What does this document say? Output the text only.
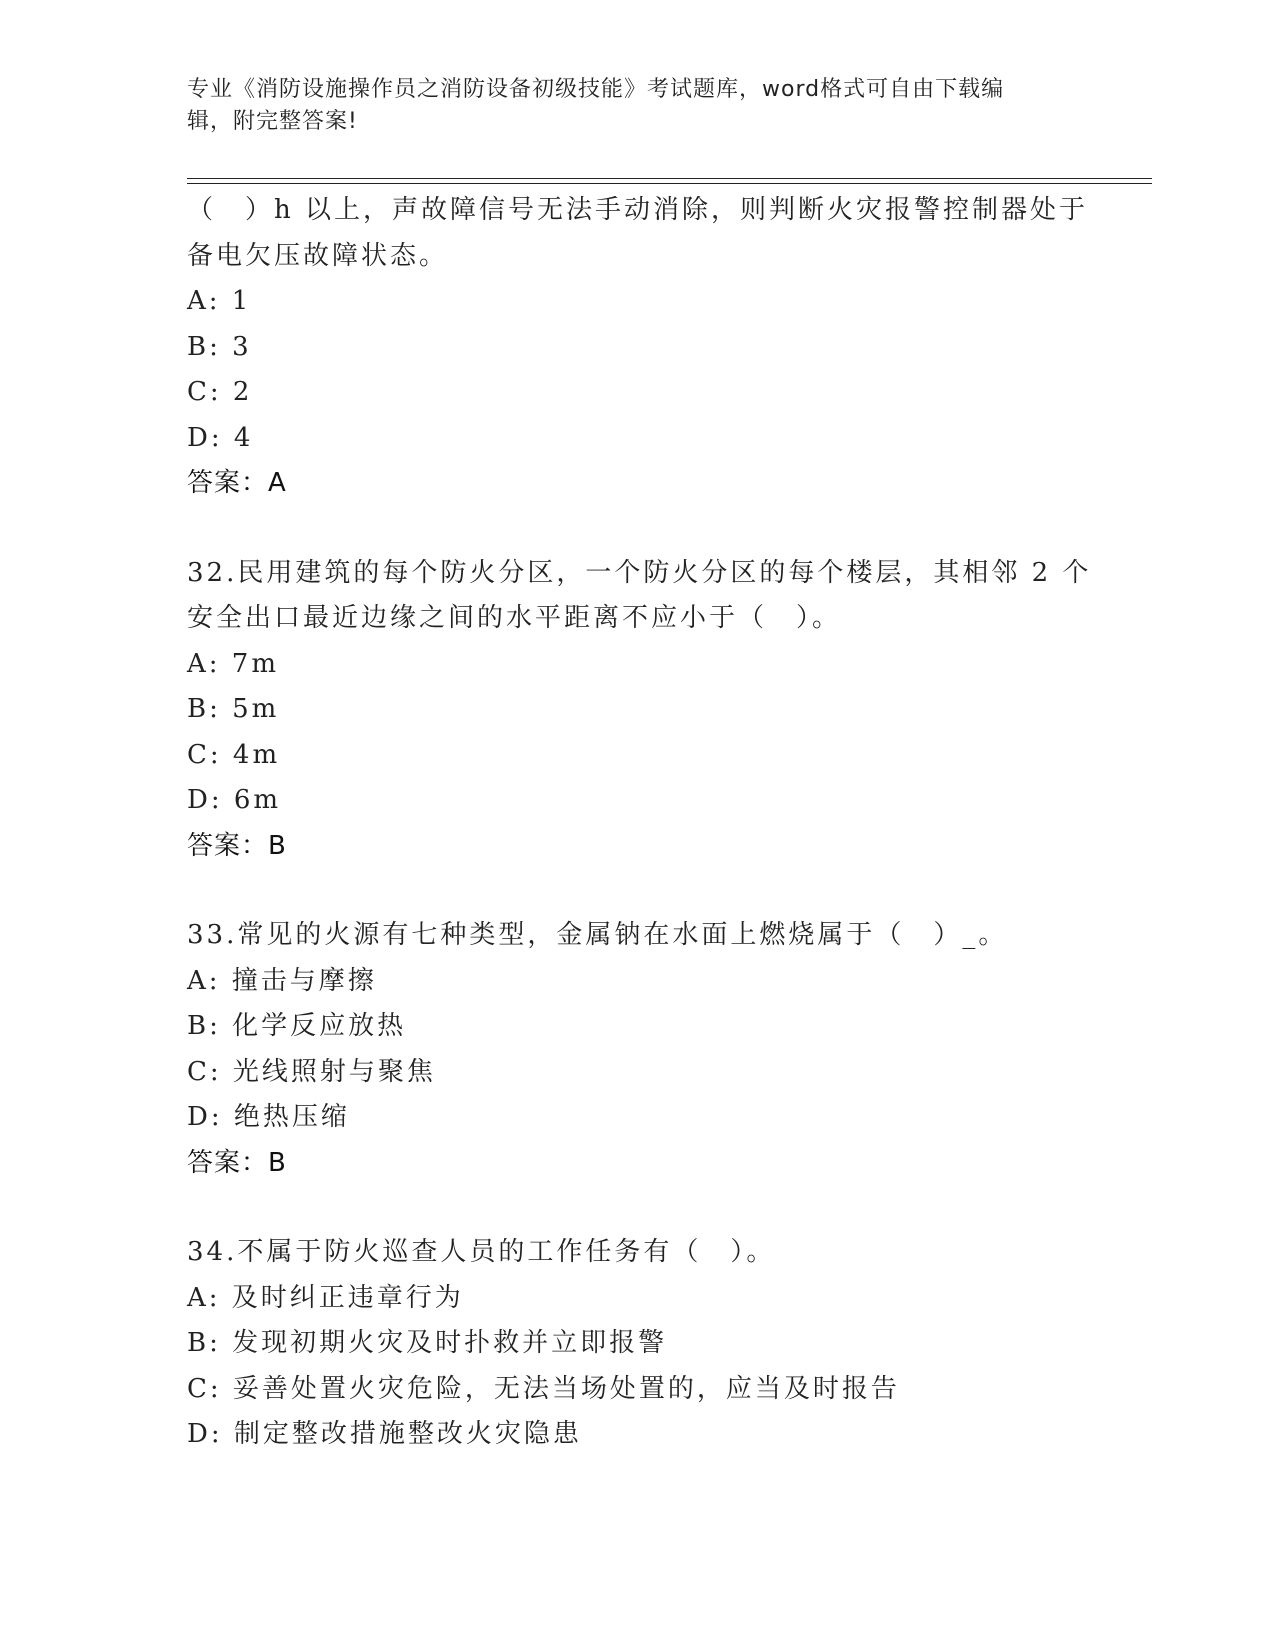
专业《消防设施操作员之消防设备初级技能》考试题库，word格式可自由下载编
辑，附完整答案!
（　）h 以上，声故障信号无法手动消除，则判断火灾报警控制器处于
备电欠压故障状态。
A: 1
B: 3
C: 2
D: 4
答案：A
32.民用建筑的每个防火分区，一个防火分区的每个楼层，其相邻 2 个
安全出口最近边缘之间的水平距离不应小于（　）。
A: 7m
B: 5m
C: 4m
D: 6m
答案：B
33.常见的火源有七种类型，金属钠在水面上燃烧属于（　）_。
A: 撞击与摩擦
B: 化学反应放热
C: 光线照射与聚焦
D: 绝热压缩
答案：B
34.不属于防火巡查人员的工作任务有（　）。
A: 及时纠正违章行为
B: 发现初期火灾及时扑救并立即报警
C: 妥善处置火灾危险，无法当场处置的，应当及时报告
D: 制定整改措施整改火灾隐患
